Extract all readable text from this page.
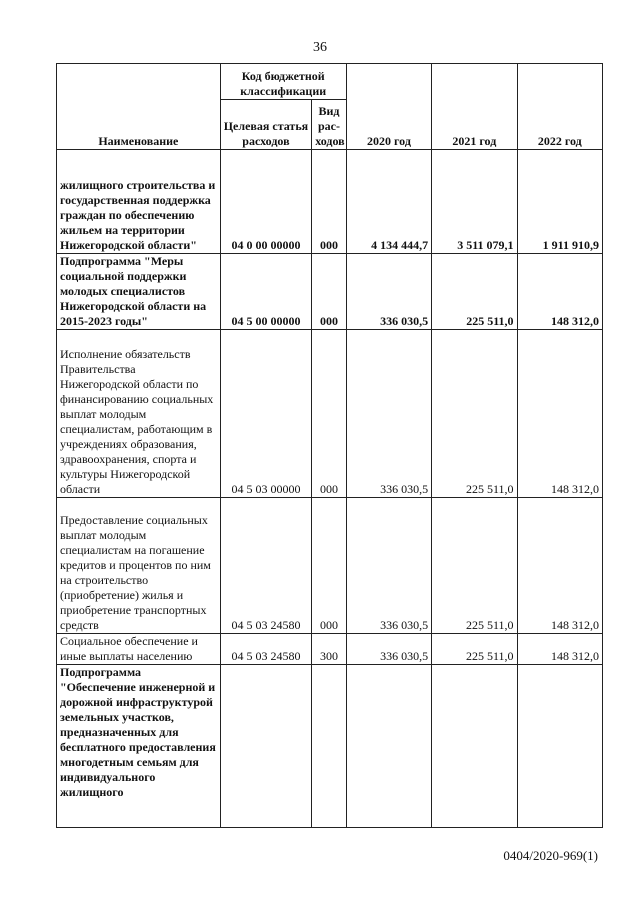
36
Наименование	Код бюджетной классификации		2020 год	2021 год	2022 год
	Целевая статья расходов	Вид рас-ходов			
жилищного строительства и государственная поддержка граждан по обеспечению жильем на территории Нижегородской области"	04 0 00 00000	000	4 134 444,7	3 511 079,1	1 911 910,9
Подпрограмма "Меры социальной поддержки молодых специалистов Нижегородской области на 2015-2023 годы"	04 5 00 00000	000	336 030,5	225 511,0	148 312,0
Исполнение обязательств Правительства Нижегородской области по финансированию социальных выплат молодым специалистам, работающим в учреждениях образования, здравоохранения, спорта и культуры Нижегородской области	04 5 03 00000	000	336 030,5	225 511,0	148 312,0
Предоставление социальных выплат молодым специалистам на погашение кредитов и процентов по ним на строительство (приобретение) жилья и приобретение транспортных средств	04 5 03 24580	000	336 030,5	225 511,0	148 312,0
Социальное обеспечение и иные выплаты населению	04 5 03 24580	300	336 030,5	225 511,0	148 312,0
Подпрограмма "Обеспечение инженерной и дорожной инфраструктурой земельных участков, предназначенных для бесплатного предоставления многодетным семьям для индивидуального жилищного					
0404/2020-969(1)
